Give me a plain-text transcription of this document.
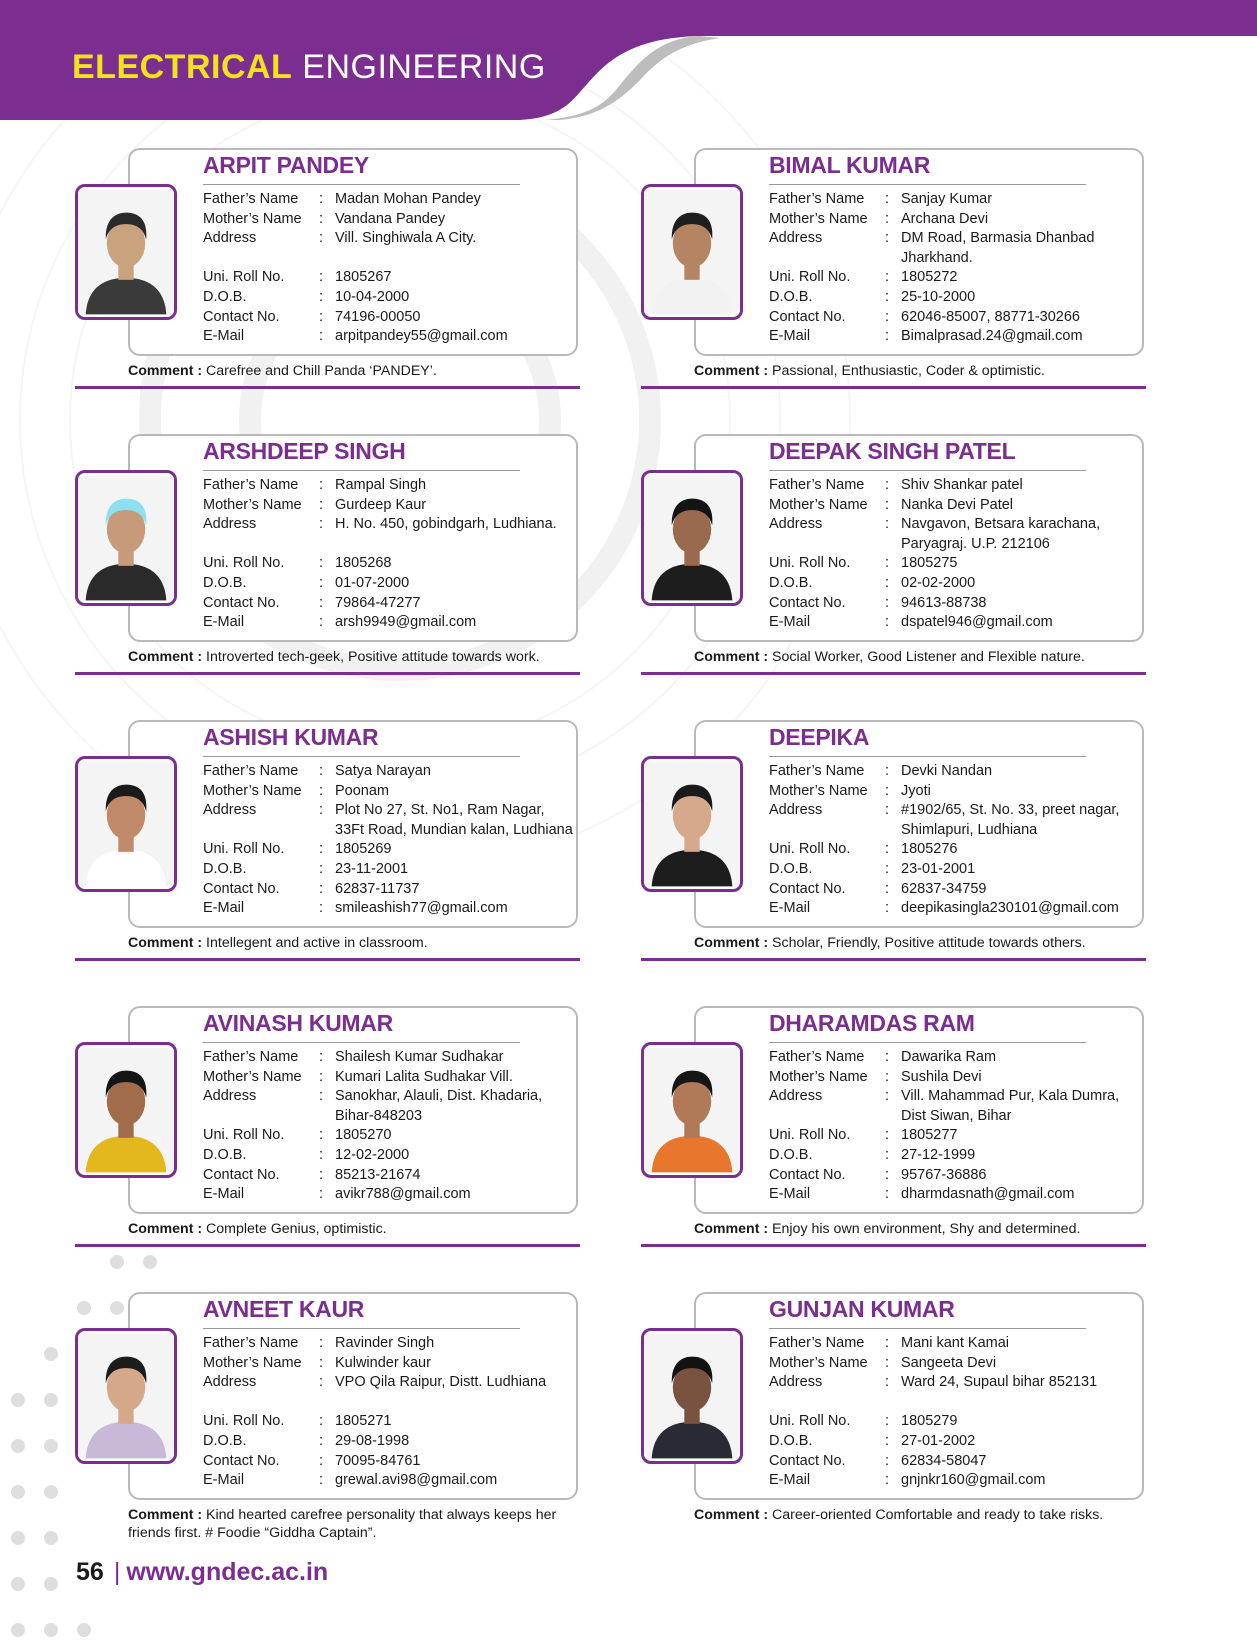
ELECTRICAL ENGINEERING
ARPIT PANDEY
Father’s Name	: Madan Mohan Pandey
Mother’s Name	: Vandana Pandey
Address	: Vill. Singhiwala A City.
Uni. Roll No.	: 1805267
D.O.B.	: 10-04-2000
Contact No.	: 74196-00050
E-Mail	: arpitpandey55@gmail.com
Comment : Carefree and Chill Panda ‘PANDEY’.
BIMAL KUMAR
Father’s Name	: Sanjay Kumar
Mother’s Name	: Archana Devi
Address	: DM Road, Barmasia Dhanbad Jharkhand.
Uni. Roll No.	: 1805272
D.O.B.	: 25-10-2000
Contact No.	: 62046-85007, 88771-30266
E-Mail	: Bimalprasad.24@gmail.com
Comment : Passional, Enthusiastic, Coder & optimistic.
ARSHDEEP SINGH
Father’s Name	: Rampal Singh
Mother’s Name	: Gurdeep Kaur
Address	: H. No. 450, gobindgarh, Ludhiana.
Uni. Roll No.	: 1805268
D.O.B.	: 01-07-2000
Contact No.	: 79864-47277
E-Mail	: arsh9949@gmail.com
Comment : Introverted tech-geek, Positive attitude towards work.
DEEPAK SINGH PATEL
Father’s Name	: Shiv Shankar patel
Mother’s Name	: Nanka Devi Patel
Address	: Navgavon, Betsara karachana, Paryagraj. U.P. 212106
Uni. Roll No.	: 1805275
D.O.B.	: 02-02-2000
Contact No.	: 94613-88738
E-Mail	: dspatel946@gmail.com
Comment : Social Worker, Good Listener and Flexible nature.
ASHISH KUMAR
Father’s Name	: Satya Narayan
Mother’s Name	: Poonam
Address	: Plot No 27, St. No1, Ram Nagar, 33Ft Road, Mundian kalan, Ludhiana
Uni. Roll No.	: 1805269
D.O.B.	: 23-11-2001
Contact No.	: 62837-11737
E-Mail	: smileashish77@gmail.com
Comment : Intellegent and active in classroom.
DEEPIKA
Father’s Name	: Devki Nandan
Mother’s Name	: Jyoti
Address	: #1902/65, St. No. 33, preet nagar, Shimlapuri, Ludhiana
Uni. Roll No.	: 1805276
D.O.B.	: 23-01-2001
Contact No.	: 62837-34759
E-Mail	: deepikasingla230101@gmail.com
Comment : Scholar, Friendly, Positive attitude towards others.
AVINASH KUMAR
Father’s Name	: Shailesh Kumar Sudhakar
Mother’s Name	: Kumari Lalita Sudhakar Vill.
Address	: Sanokhar, Alauli, Dist. Khadaria, Bihar-848203
Uni. Roll No.	: 1805270
D.O.B.	: 12-02-2000
Contact No.	: 85213-21674
E-Mail	: avikr788@gmail.com
Comment : Complete Genius, optimistic.
DHARAMDAS RAM
Father’s Name	: Dawarika Ram
Mother’s Name	: Sushila Devi
Address	: Vill. Mahammad Pur, Kala Dumra, Dist Siwan, Bihar
Uni. Roll No.	: 1805277
D.O.B.	: 27-12-1999
Contact No.	: 95767-36886
E-Mail	: dharmdasnath@gmail.com
Comment : Enjoy his own environment, Shy and determined.
AVNEET KAUR
Father’s Name	: Ravinder Singh
Mother’s Name	: Kulwinder kaur
Address	: VPO Qila Raipur, Distt. Ludhiana
Uni. Roll No.	: 1805271
D.O.B.	: 29-08-1998
Contact No.	: 70095-84761
E-Mail	: grewal.avi98@gmail.com
Comment : Kind hearted carefree personality that always keeps her friends first. # Foodie “Giddha Captain”.
GUNJAN KUMAR
Father’s Name	: Mani kant Kamai
Mother’s Name	: Sangeeta Devi
Address	: Ward 24, Supaul bihar 852131
Uni. Roll No.	: 1805279
D.O.B.	: 27-01-2002
Contact No.	: 62834-58047
E-Mail	: gnjnkr160@gmail.com
Comment : Career-oriented Comfortable and ready to take risks.
56 | www.gndec.ac.in
